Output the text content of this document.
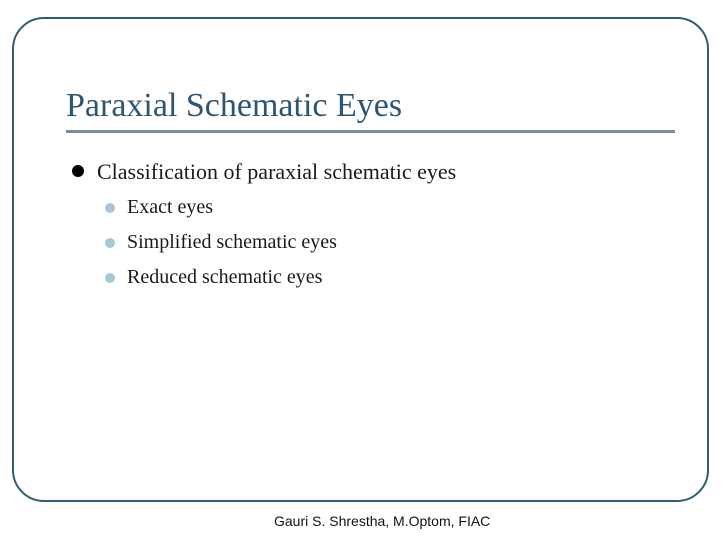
Paraxial Schematic Eyes
Classification of paraxial schematic eyes
Exact eyes
Simplified schematic eyes
Reduced schematic eyes
Gauri S. Shrestha, M.Optom, FIAC
